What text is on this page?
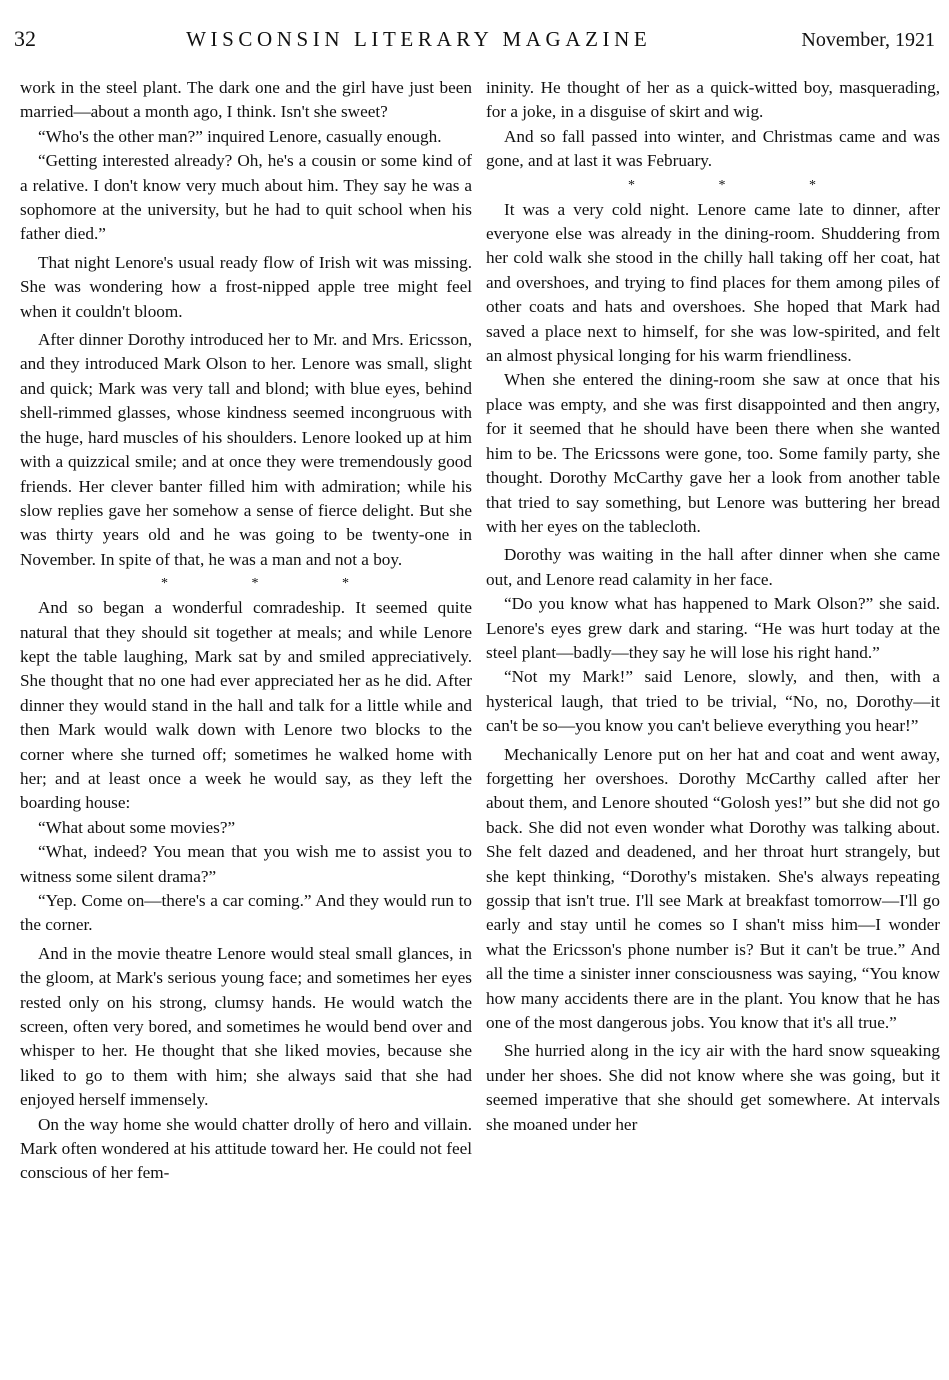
32	WISCONSIN LITERARY MAGAZINE	November, 1921

work in the steel plant. The dark one and the girl have just been married—about a month ago, I think. Isn't she sweet?

“Who's the other man?” inquired Lenore, casually enough.

“Getting interested already? Oh, he's a cousin or some kind of a relative. I don't know very much about him. They say he was a sophomore at the university, but he had to quit school when his father died.”

That night Lenore's usual ready flow of Irish wit was missing. She was wondering how a frost-nipped apple tree might feel when it couldn't bloom.

After dinner Dorothy introduced her to Mr. and Mrs. Ericsson, and they introduced Mark Olson to her. Lenore was small, slight and quick; Mark was very tall and blond; with blue eyes, behind shell-rimmed glasses, whose kindness seemed incongruous with the huge, hard muscles of his shoulders. Lenore looked up at him with a quizzical smile; and at once they were tremendously good friends. Her clever banter filled him with admiration; while his slow replies gave her somehow a sense of fierce delight. But she was thirty years old and he was going to be twenty-one in November. In spite of that, he was a man and not a boy.

* * *

And so began a wonderful comradeship. It seemed quite natural that they should sit together at meals; and while Lenore kept the table laughing, Mark sat by and smiled appreciatively. She thought that no one had ever appreciated her as he did. After dinner they would stand in the hall and talk for a little while and then Mark would walk down with Lenore two blocks to the corner where she turned off; sometimes he walked home with her; and at least once a week he would say, as they left the boarding house:

“What about some movies?”

“What, indeed? You mean that you wish me to assist you to witness some silent drama?”

“Yep. Come on—there's a car coming.” And they would run to the corner.

And in the movie theatre Lenore would steal small glances, in the gloom, at Mark's serious young face; and sometimes her eyes rested only on his strong, clumsy hands. He would watch the screen, often very bored, and sometimes he would bend over and whisper to her. He thought that she liked movies, because she liked to go to them with him; she always said that she had enjoyed herself immensely.

On the way home she would chatter drolly of hero and villain. Mark often wondered at his attitude toward her. He could not feel conscious of her fem-

ininity. He thought of her as a quick-witted boy, masquerading, for a joke, in a disguise of skirt and wig.

And so fall passed into winter, and Christmas came and was gone, and at last it was February.

* * *

It was a very cold night. Lenore came late to dinner, after everyone else was already in the dining-room. Shuddering from her cold walk she stood in the chilly hall taking off her coat, hat and overshoes, and trying to find places for them among piles of other coats and hats and overshoes. She hoped that Mark had saved a place next to himself, for she was low-spirited, and felt an almost physical longing for his warm friendliness.

When she entered the dining-room she saw at once that his place was empty, and she was first disappointed and then angry, for it seemed that he should have been there when she wanted him to be. The Ericssons were gone, too. Some family party, she thought. Dorothy McCarthy gave her a look from another table that tried to say something, but Lenore was buttering her bread with her eyes on the tablecloth.

Dorothy was waiting in the hall after dinner when she came out, and Lenore read calamity in her face.

“Do you know what has happened to Mark Olson?” she said. Lenore's eyes grew dark and staring. “He was hurt today at the steel plant—badly—they say he will lose his right hand.”

“Not my Mark!” said Lenore, slowly, and then, with a hysterical laugh, that tried to be trivial, “No, no, Dorothy—it can't be so—you know you can't believe everything you hear!”

Mechanically Lenore put on her hat and coat and went away, forgetting her overshoes. Dorothy McCarthy called after her about them, and Lenore shouted “Golosh yes!” but she did not go back. She did not even wonder what Dorothy was talking about. She felt dazed and deadened, and her throat hurt strangely, but she kept thinking, “Dorothy's mistaken. She's always repeating gossip that isn't true. I'll see Mark at breakfast tomorrow—I'll go early and stay until he comes so I shan't miss him—I wonder what the Ericsson's phone number is? But it can't be true.” And all the time a sinister inner consciousness was saying, “You know how many accidents there are in the plant. You know that he has one of the most dangerous jobs. You know that it's all true.”

She hurried along in the icy air with the hard snow squeaking under her shoes. She did not know where she was going, but it seemed imperative that she should get somewhere. At intervals she moaned under her
